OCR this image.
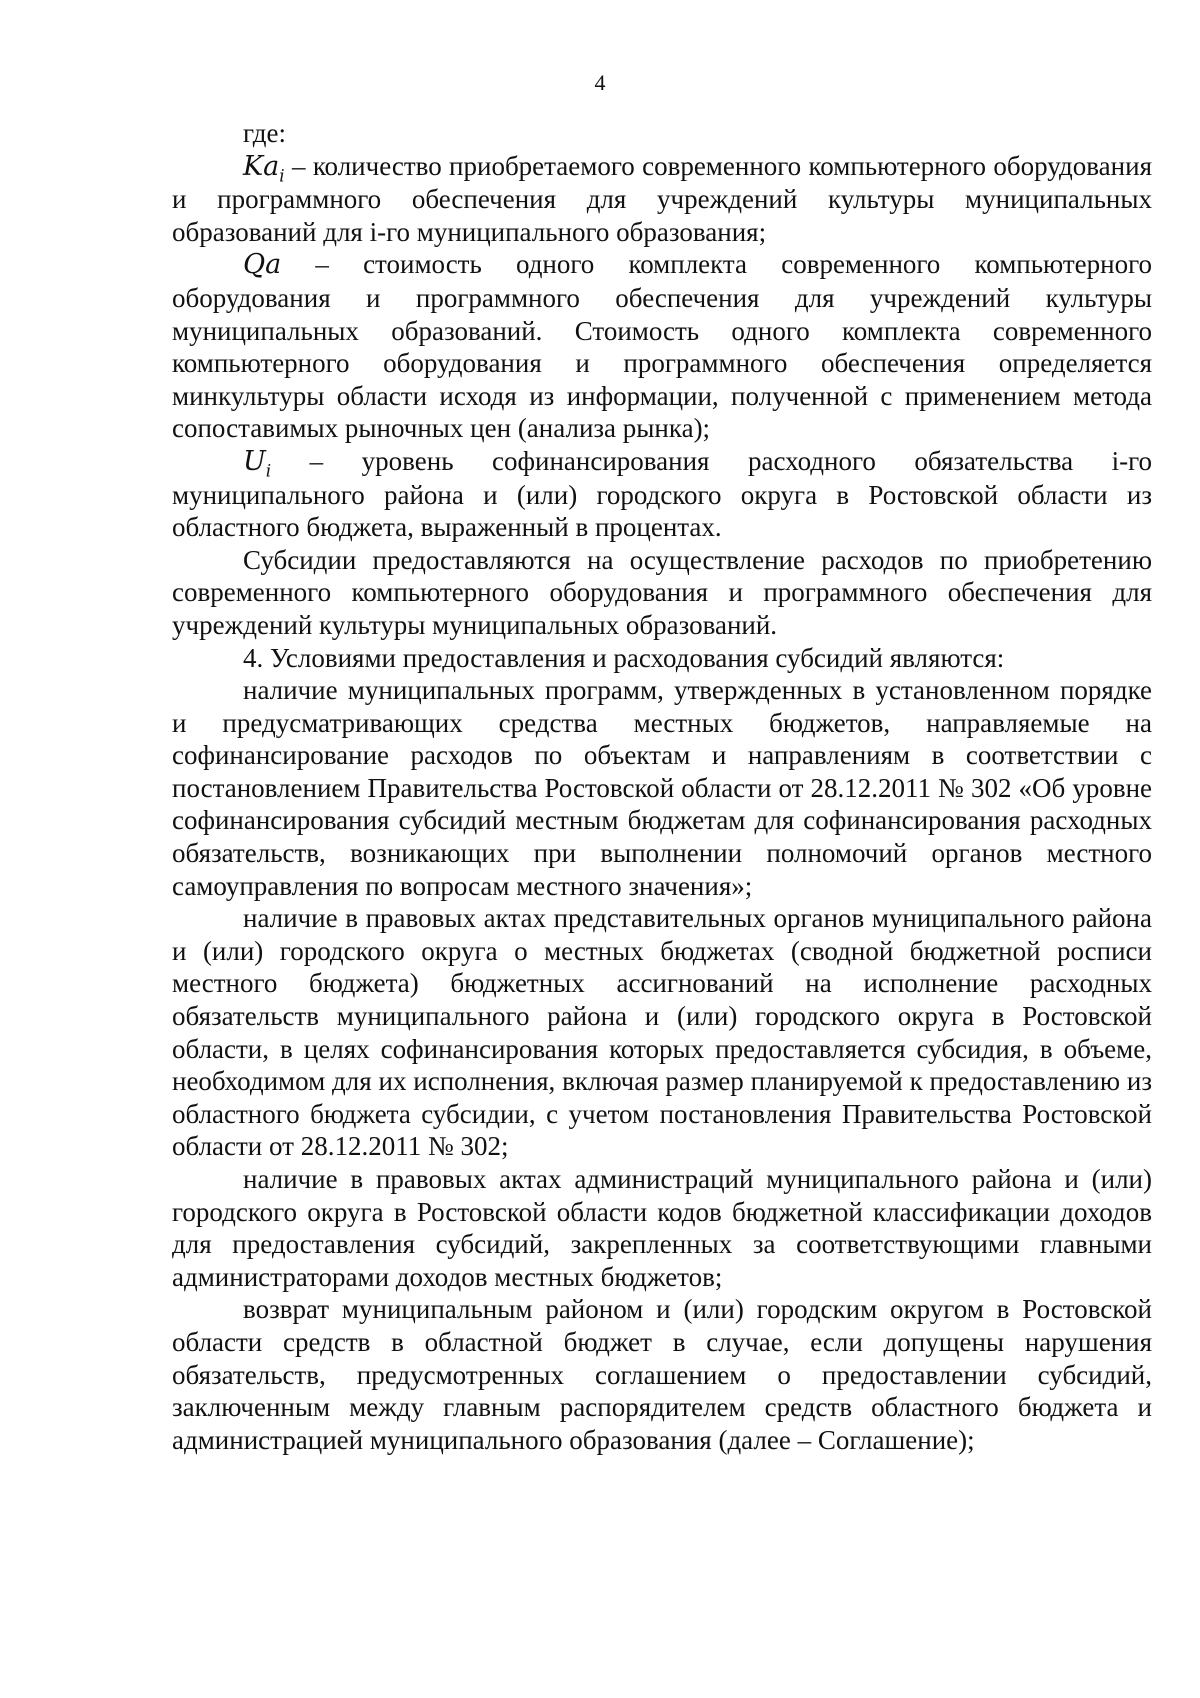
4

где:

$Ka_i$ – количество приобретаемого современного компьютерного оборудования и программного обеспечения для учреждений культуры муниципальных образований для i-го муниципального образования;

Qa – стоимость одного комплекта современного компьютерного оборудования и программного обеспечения для учреждений культуры муниципальных образований. Стоимость одного комплекта современного компьютерного оборудования и программного обеспечения определяется минкультуры области исходя из информации, полученной с применением метода сопоставимых рыночных цен (анализа рынка);

$U_i$ – уровень софинансирования расходного обязательства i-го муниципального района и (или) городского округа в Ростовской области из областного бюджета, выраженный в процентах.

Субсидии предоставляются на осуществление расходов по приобретению современного компьютерного оборудования и программного обеспечения для учреждений культуры муниципальных образований.

4. Условиями предоставления и расходования субсидий являются:

наличие муниципальных программ, утвержденных в установленном порядке и предусматривающих средства местных бюджетов, направляемые на софинансирование расходов по объектам и направлениям в соответствии с постановлением Правительства Ростовской области от 28.12.2011 № 302 «Об уровне софинансирования субсидий местным бюджетам для софинансирования расходных обязательств, возникающих при выполнении полномочий органов местного самоуправления по вопросам местного значения»;

наличие в правовых актах представительных органов муниципального района и (или) городского округа о местных бюджетах (сводной бюджетной росписи местного бюджета) бюджетных ассигнований на исполнение расходных обязательств муниципального района и (или) городского округа в Ростовской области, в целях софинансирования которых предоставляется субсидия, в объеме, необходимом для их исполнения, включая размер планируемой к предоставлению из областного бюджета субсидии, с учетом постановления Правительства Ростовской области от 28.12.2011 № 302;

наличие в правовых актах администраций муниципального района и (или) городского округа в Ростовской области кодов бюджетной классификации доходов для предоставления субсидий, закрепленных за соответствующими главными администраторами доходов местных бюджетов;

возврат муниципальным районом и (или) городским округом в Ростовской области средств в областной бюджет в случае, если допущены нарушения обязательств, предусмотренных соглашением о предоставлении субсидий, заключенным между главным распорядителем средств областного бюджета и администрацией муниципального образования (далее – Соглашение);
